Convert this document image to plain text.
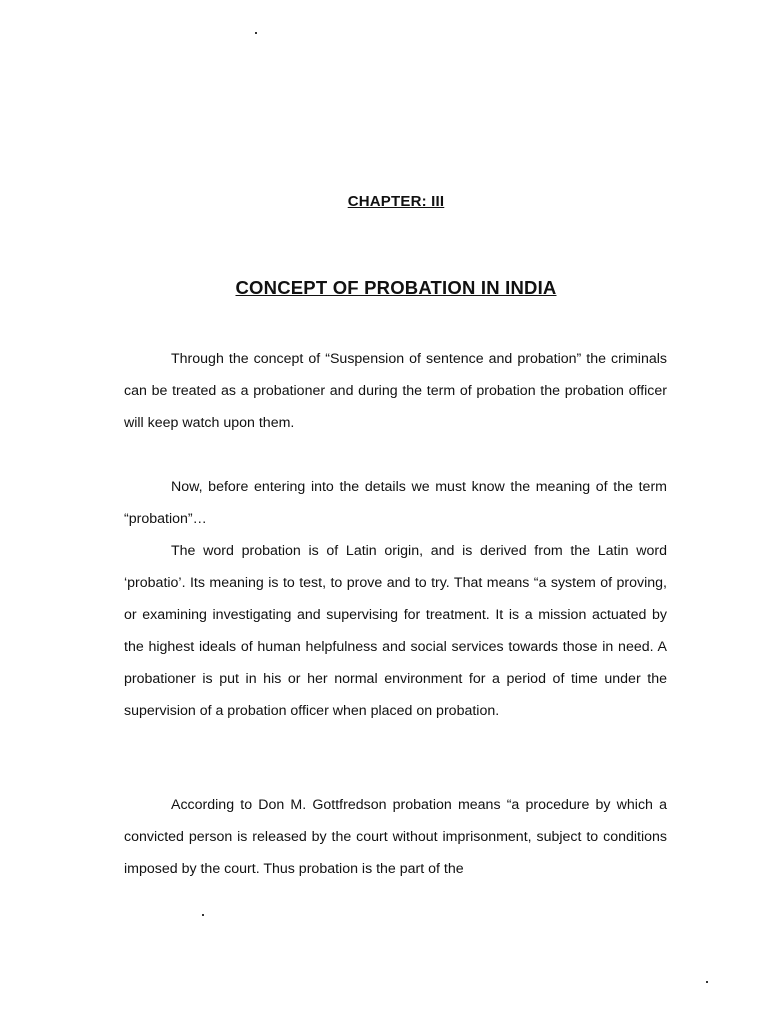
CHAPTER: III
CONCEPT OF PROBATION IN INDIA

Through the concept of “Suspension of sentence and probation” the criminals can be treated as a probationer and during the term of probation the probation officer will keep watch upon them.

Now, before entering into the details we must know the meaning of the term “probation”…

The word probation is of Latin origin, and is derived from the Latin word ‘probatio’. Its meaning is to test, to prove and to try. That means “a system of proving, or examining investigating and supervising for treatment. It is a mission actuated by the highest ideals of human helpfulness and social services towards those in need. A probationer is put in his or her normal environment for a period of time under the supervision of a probation officer when placed on probation.

According to Don M. Gottfredson probation means “a procedure by which a convicted person is released by the court without imprisonment, subject to conditions imposed by the court. Thus probation is the part of the
